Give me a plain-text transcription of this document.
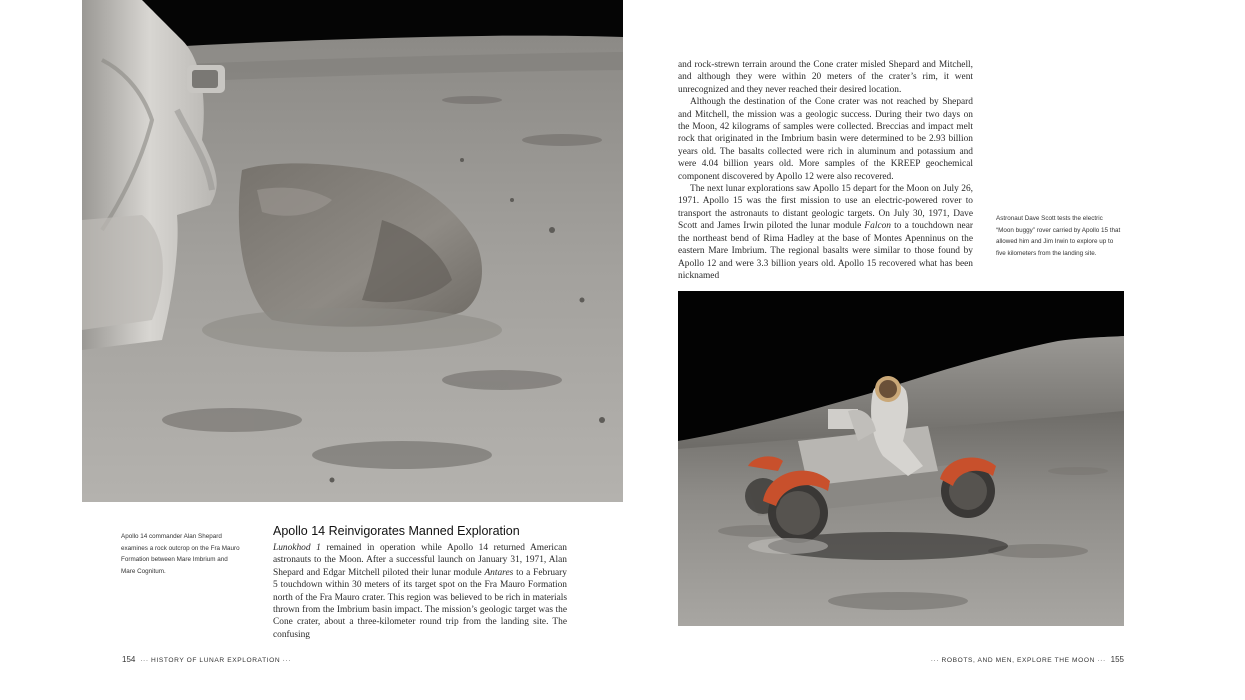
Apollo 14 commander Alan Shepard examines a rock outcrop on the Fra Mauro Formation between Mare Imbrium and Mare Cognitum.
Apollo 14 Reinvigorates Manned Exploration

Lunokhod 1 remained in operation while Apollo 14 returned American astronauts to the Moon. After a successful launch on January 31, 1971, Alan Shepard and Edgar Mitchell piloted their lunar module Antares to a February 5 touchdown within 30 meters of its target spot on the Fra Mauro Formation north of the Fra Mauro crater. This region was believed to be rich in materials thrown from the Imbrium basin impact. The mission’s geologic target was the Cone crater, about a three-kilometer round trip from the landing site. The confusing

and rock-strewn terrain around the Cone crater misled Shepard and Mitchell, and although they were within 20 meters of the crater’s rim, it went unrecognized and they never reached their desired location.

Although the destination of the Cone crater was not reached by Shepard and Mitchell, the mission was a geologic success. During their two days on the Moon, 42 kilograms of samples were collected. Breccias and impact melt rock that originated in the Imbrium basin were determined to be 2.93 billion years old. The basalts collected were rich in aluminum and potassium and were 4.04 billion years old. More samples of the KREEP geochemical component discovered by Apollo 12 were also recovered.

The next lunar explorations saw Apollo 15 depart for the Moon on July 26, 1971. Apollo 15 was the first mission to use an electric-powered rover to transport the astronauts to distant geologic targets. On July 30, 1971, Dave Scott and James Irwin piloted the lunar module Falcon to a touchdown near the northeast bend of Rima Hadley at the base of Montes Apenninus on the eastern Mare Imbrium. The regional basalts were similar to those found by Apollo 12 and were 3.3 billion years old. Apollo 15 recovered what has been nicknamed

Astronaut Dave Scott tests the electric “Moon buggy” rover carried by Apollo 15 that allowed him and Jim Irwin to explore up to five kilometers from the landing site.
154 ··· HISTORY OF LUNAR EXPLORATION ···	··· ROBOTS, AND MEN, EXPLORE THE MOON ··· 155
